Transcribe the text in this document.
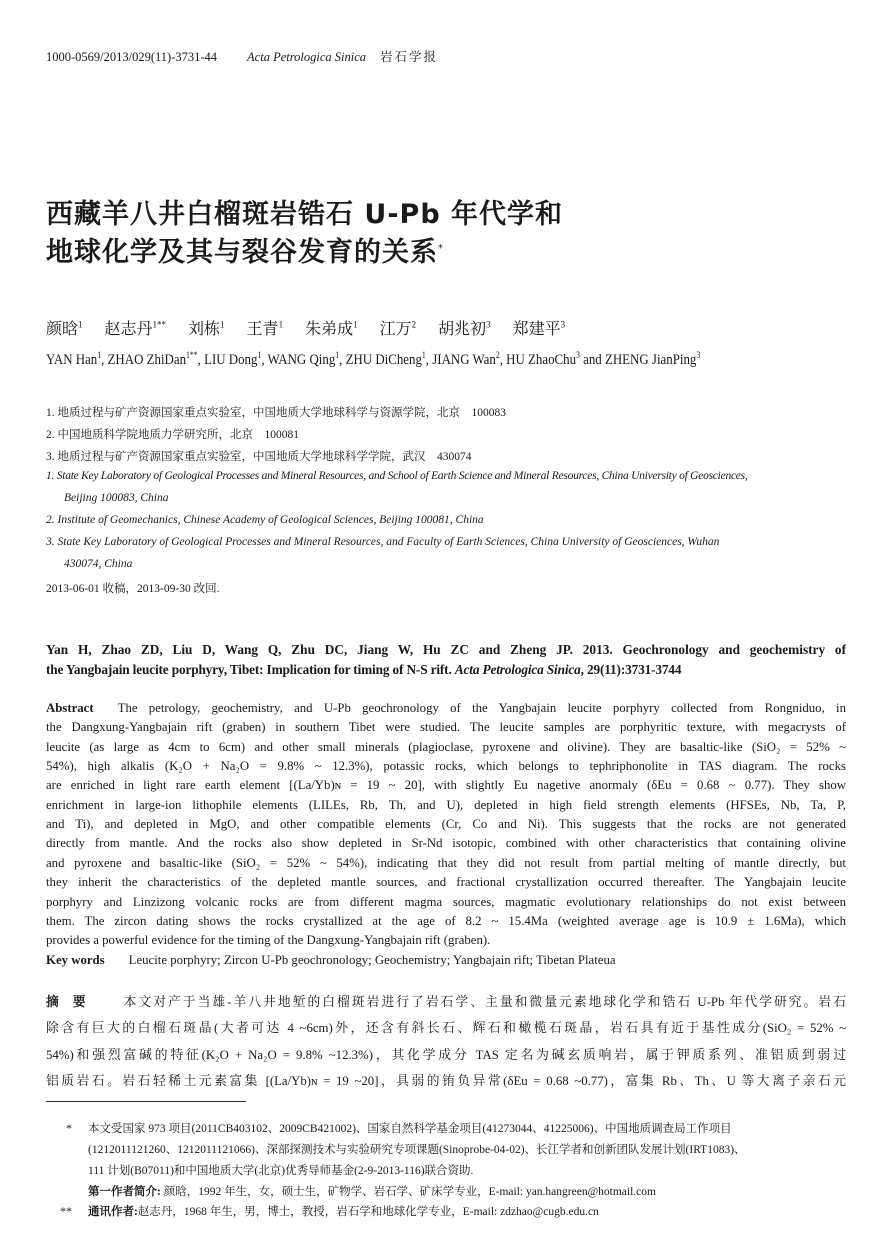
1000-0569/2013/029(11)-3731-44 Acta Petrologica Sinica 岩石学报
西藏羊八井白榴斑岩锆石 U-Pb 年代学和
地球化学及其与裂谷发育的关系*
颜晗$^1$ 赵志丹$^{1**}$ 刘栋$^1$ 王青$^1$ 朱弟成$^1$ 江万$^2$ 胡兆初$^3$ 郑建平$^3$
YAN Han$^1$, ZHAO ZhiDan$^{1**}$, LIU Dong$^1$, WANG Qing$^1$, ZHU DiCheng$^1$, JIANG Wan$^2$, HU ZhaoChu$^3$ and ZHENG JianPing$^3$
1. 地质过程与矿产资源国家重点实验室，中国地质大学地球科学与资源学院，北京　100083
2. 中国地质科学院地质力学研究所，北京　100081
3. 地质过程与矿产资源国家重点实验室，中国地质大学地球科学学院，武汉　430074
1. State Key Laboratory of Geological Processes and Mineral Resources, and School of Earth Science and Mineral Resources, China University of Geosciences,
Beijing 100083, China
2. Institute of Geomechanics, Chinese Academy of Geological Sciences, Beijing 100081, China
3. State Key Laboratory of Geological Processes and Mineral Resources, and Faculty of Earth Sciences, China University of Geosciences, Wuhan
430074, China
2013-06-01 收稿，2013-09-30 改回.
Yan H, Zhao ZD, Liu D, Wang Q, Zhu DC, Jiang W, Hu ZC and Zheng JP. 2013. Geochronology and geochemistry of
the Yangbajain leucite porphyry, Tibet: Implication for timing of N-S rift. Acta Petrologica Sinica, 29(11):3731-3744
Abstract The petrology, geochemistry, and U-Pb geochronology of the Yangbajain leucite porphyry collected from Rongniduo, in
the Dangxung-Yangbajain rift (graben) in southern Tibet were studied. The leucite samples are porphyritic texture, with megacrysts of
leucite (as large as 4cm to 6cm) and other small minerals (plagioclase, pyroxene and olivine). They are basaltic-like (SiO₂ = 52% ~
54%), high alkalis (K₂O + Na₂O = 9.8% ~ 12.3%), potassic rocks, which belongs to tephriphonolite in TAS diagram. The rocks
are enriched in light rare earth element [(La/Yb)ɴ = 19 ~ 20], with slightly Eu nagetive anormaly (δEu = 0.68 ~ 0.77). They show
enrichment in large-ion lithophile elements (LILEs, Rb, Th, and U), depleted in high field strength elements (HFSEs, Nb, Ta, P,
and Ti), and depleted in MgO, and other compatible elements (Cr, Co and Ni). This suggests that the rocks are not generated
directly from mantle. And the rocks also show depleted in Sr-Nd isotopic, combined with other characteristics that containing olivine
and pyroxene and basaltic-like (SiO₂ = 52% ~ 54%), indicating that they did not result from partial melting of mantle directly, but
they inherit the characteristics of the depleted mantle sources, and fractional crystallization occurred thereafter. The Yangbajain leucite
porphyry and Linzizong volcanic rocks are from different magma sources, magmatic evolutionary relationships do not exist between
them. The zircon dating shows the rocks crystallized at the age of 8.2 ~ 15.4Ma (weighted average age is 10.9 ± 1.6Ma), which
provides a powerful evidence for the timing of the Dangxung-Yangbajain rift (graben).
Key words Leucite porphyry; Zircon U-Pb geochronology; Geochemistry; Yangbajain rift; Tibetan Plateua
摘要 本文对产于当雄-羊八井地堑的白榴斑岩进行了岩石学、主量和微量元素地球化学和锆石 U-Pb 年代学研究。岩石
除含有巨大的白榴石斑晶(大者可达 4 ~6cm)外，还含有斜长石、辉石和橄榄石斑晶，岩石具有近于基性成分(SiO₂ = 52% ~
54%)和强烈富碱的特征(K₂O + Na₂O = 9.8% ~12.3%)，其化学成分 TAS 定名为碱玄质响岩，属于钾质系列、准铝质到弱过
铝质岩石。岩石轻稀土元素富集 [(La/Yb)ɴ = 19 ~20]，具弱的铕负异常(δEu = 0.68 ~0.77)，富集 Rb、Th、U 等大离子亲石元
* 本文受国家 973 项目(2011CB403102、2009CB421002)、国家自然科学基金项目(41273044、41225006)、中国地质调查局工作项目
(1212011121260、1212011121066)、深部探测技术与实验研究专项课题(Sinoprobe-04-02)、长江学者和创新团队发展计划(IRT1083)、
111 计划(B07011)和中国地质大学(北京)优秀导师基金(2-9-2013-116)联合资助.
第一作者简介: 颜晗，1992 年生，女，硕士生，矿物学、岩石学、矿床学专业，E-mail: yan.hangreen@hotmail.com
** 通讯作者:赵志丹，1968 年生，男，博士，教授，岩石学和地球化学专业，E-mail: zdzhao@cugb.edu.cn
